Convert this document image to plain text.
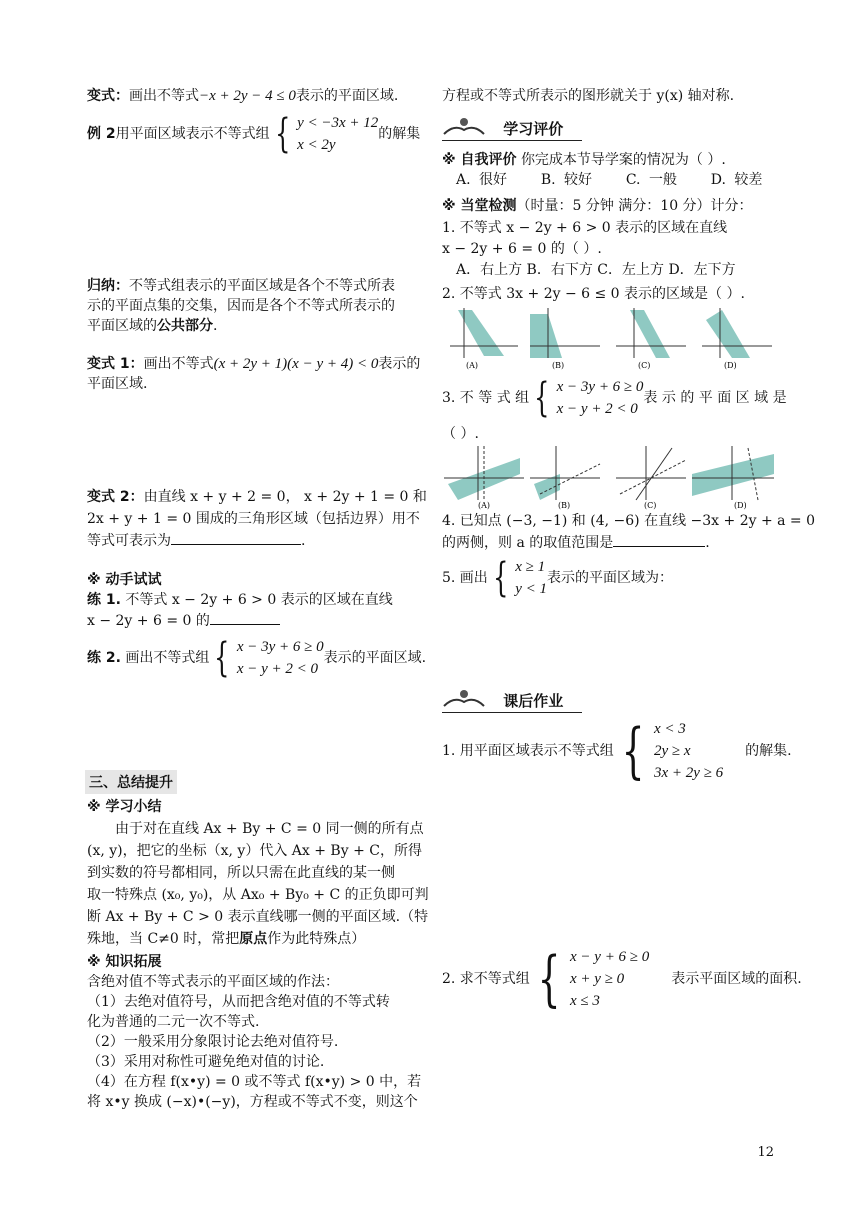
变式：画出不等式−x + 2y − 4 ≤ 0表示的平面区域.
例 2用平面区域表示不等式组 { y < −3x + 12
x < 2y
的解集
归纳：不等式组表示的平面区域是各个不等式所表
示的平面点集的交集，因而是各个不等式所表示的
平面区域的公共部分.
变式 1：画出不等式(x + 2y + 1)(x − y + 4) < 0表示的
平面区域.
变式 2：由直线 x + y + 2 = 0， x + 2y + 1 = 0 和
2x + y + 1 = 0 围成的三角形区域（包括边界）用不
等式可表示为	.
※ 动手试试
练 1. 不等式 x − 2y + 6 > 0 表示的区域在直线
x − 2y + 6 = 0 的
练 2. 画出不等式组 { x − 3y + 6 ≥ 0
x − y + 2 < 0
表示的平面区域.
三、总结提升
※ 学习小结
由于对在直线 Ax + By + C = 0 同一侧的所有点
(x, y)，把它的坐标（x, y）代入 Ax + By + C，所得
到实数的符号都相同，所以只需在此直线的某一侧
取一特殊点 (x₀, y₀)，从 Ax₀ + By₀ + C 的正负即可判
断 Ax + By + C > 0 表示直线哪一侧的平面区域.（特
殊地，当 C≠0 时，常把原点作为此特殊点）
※ 知识拓展
含绝对值不等式表示的平面区域的作法：
（1）去绝对值符号，从而把含绝对值的不等式转
化为普通的二元一次不等式.
（2）一般采用分象限讨论去绝对值符号.
（3）采用对称性可避免绝对值的讨论.
（4）在方程 f(x•y) = 0 或不等式 f(x•y) > 0 中，若
将 x•y 换成 (−x)•(−y)，方程或不等式不变，则这个
方程或不等式所表示的图形就关于 y(x) 轴对称.
学习评价
※ 自我评价 你完成本节导学案的情况为（ ）.
A. 很好 B. 较好 C. 一般 D. 较差
※ 当堂检测（时量：5 分钟 满分：10 分）计分：
1. 不等式 x − 2y + 6 > 0 表示的区域在直线
x − 2y + 6 = 0 的（ ）.
A．右上方 B．右下方 C．左上方 D．左下方
2. 不等式 3x + 2y − 6 ≤ 0 表示的区域是（ ）.
(A)	(B)	(C)	(D)
3. 不 等 式 组 { x − 3y + 6 ≥ 0
x − y + 2 < 0
表 示 的 平 面 区 域 是
（ ）.
(A)	(B)	(C)	(D)
4. 已知点 (−3, −1) 和 (4, −6) 在直线 −3x + 2y + a = 0
的两侧，则 a 的取值范围是	.
5. 画出 { x ≥ 1
y < 1
表示的平面区域为：
课后作业
1. 用平面区域表示不等式组 { x < 3
2y ≥ x
3x + 2y ≥ 6
的解集.
2. 求不等式组 { x − y + 6 ≥ 0
x + y ≥ 0
x ≤ 3
表示平面区域的面积.
12
